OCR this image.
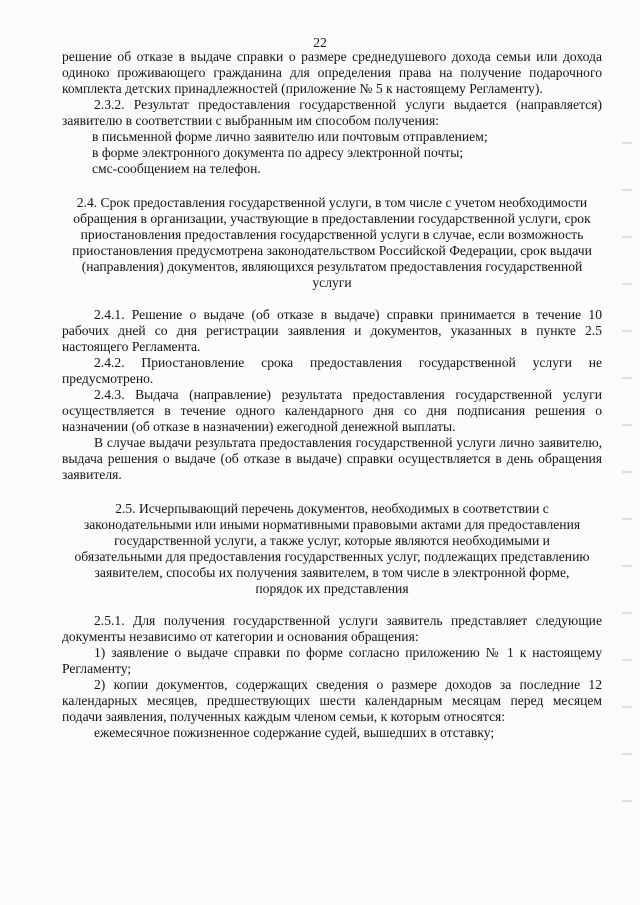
22

решение об отказе в выдаче справки о размере среднедушевого дохода семьи или дохода одиноко проживающего гражданина для определения права на получение подарочного комплекта детских принадлежностей (приложение № 5 к настоящему Регламенту).

2.3.2. Результат предоставления государственной услуги выдается (направляется) заявителю в соответствии с выбранным им способом получения:

в письменной форме лично заявителю или почтовым отправлением;

в форме электронного документа по адресу электронной почты;

смс-сообщением на телефон.

2.4. Срок предоставления государственной услуги, в том числе с учетом необходимости обращения в организации, участвующие в предоставлении государственной услуги, срок приостановления предоставления государственной услуги в случае, если возможность приостановления предусмотрена законодательством Российской Федерации, срок выдачи (направления) документов, являющихся результатом предоставления государственной услуги

2.4.1. Решение о выдаче (об отказе в выдаче) справки принимается в течение 10 рабочих дней со дня регистрации заявления и документов, указанных в пункте 2.5 настоящего Регламента.

2.4.2. Приостановление срока предоставления государственной услуги не предусмотрено.

2.4.3. Выдача (направление) результата предоставления государственной услуги осуществляется в течение одного календарного дня со дня подписания решения о назначении (об отказе в назначении) ежегодной денежной выплаты.

В случае выдачи результата предоставления государственной услуги лично заявителю, выдача решения о выдаче (об отказе в выдаче) справки осуществляется в день обращения заявителя.

2.5. Исчерпывающий перечень документов, необходимых в соответствии с законодательными или иными нормативными правовыми актами для предоставления государственной услуги, а также услуг, которые являются необходимыми и обязательными для предоставления государственных услуг, подлежащих представлению заявителем, способы их получения заявителем, в том числе в электронной форме, порядок их представления

2.5.1. Для получения государственной услуги заявитель представляет следующие документы независимо от категории и основания обращения:

1) заявление о выдаче справки по форме согласно приложению № 1 к настоящему Регламенту;

2) копии документов, содержащих сведения о размере доходов за последние 12 календарных месяцев, предшествующих шести календарным месяцам перед месяцем подачи заявления, полученных каждым членом семьи, к которым относятся:

ежемесячное пожизненное содержание судей, вышедших в отставку;
